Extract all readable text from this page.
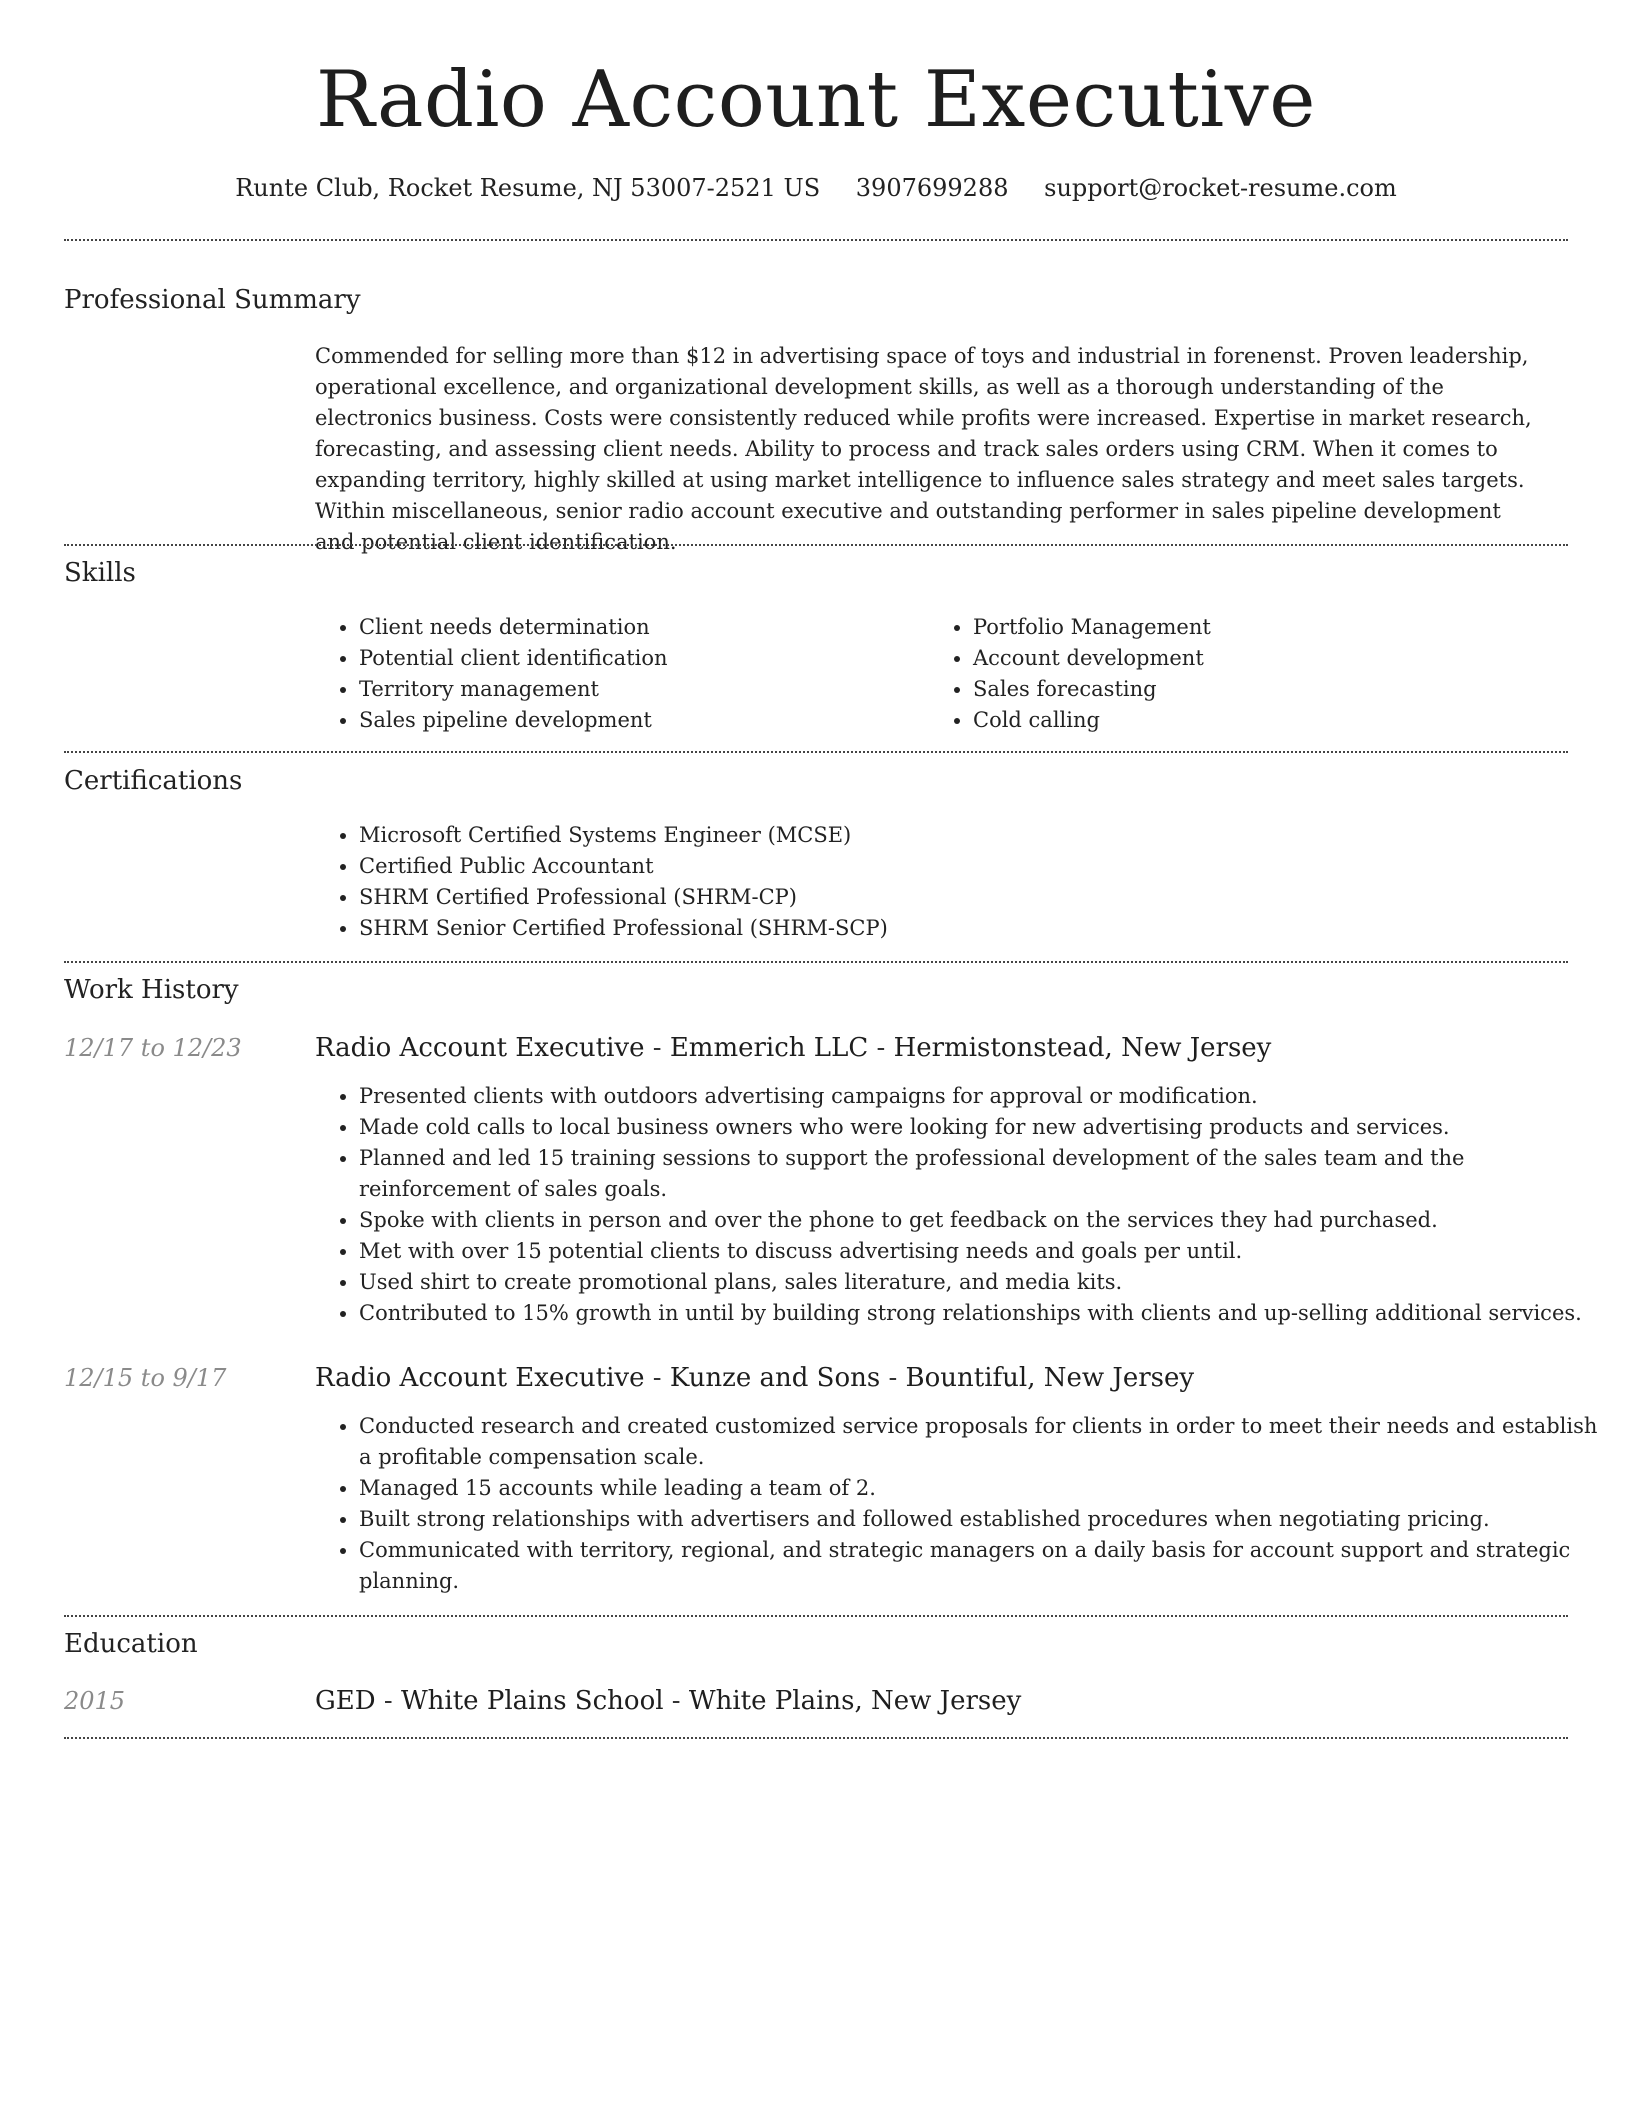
Radio Account Executive
Runte Club, Rocket Resume, NJ 53007-2521 US 3907699288 support@rocket-resume.com
Professional Summary
Commended for selling more than $12 in advertising space of toys and industrial in forenenst. Proven leadership, operational excellence, and organizational development skills, as well as a thorough understanding of the electronics business. Costs were consistently reduced while profits were increased. Expertise in market research, forecasting, and assessing client needs. Ability to process and track sales orders using CRM. When it comes to expanding territory, highly skilled at using market intelligence to influence sales strategy and meet sales targets. Within miscellaneous, senior radio account executive and outstanding performer in sales pipeline development and potential client identification.
Skills
• Client needs determination
• Potential client identification
• Territory management
• Sales pipeline development
• Portfolio Management
• Account development
• Sales forecasting
• Cold calling
Certifications
• Microsoft Certified Systems Engineer (MCSE)
• Certified Public Accountant
• SHRM Certified Professional (SHRM-CP)
• SHRM Senior Certified Professional (SHRM-SCP)
Work History
12/17 to 12/23	Radio Account Executive - Emmerich LLC - Hermistonstead, New Jersey
• Presented clients with outdoors advertising campaigns for approval or modification.
• Made cold calls to local business owners who were looking for new advertising products and services.
• Planned and led 15 training sessions to support the professional development of the sales team and the reinforcement of sales goals.
• Spoke with clients in person and over the phone to get feedback on the services they had purchased.
• Met with over 15 potential clients to discuss advertising needs and goals per until.
• Used shirt to create promotional plans, sales literature, and media kits.
• Contributed to 15% growth in until by building strong relationships with clients and up-selling additional services.
12/15 to 9/17	Radio Account Executive - Kunze and Sons - Bountiful, New Jersey
• Conducted research and created customized service proposals for clients in order to meet their needs and establish a profitable compensation scale.
• Managed 15 accounts while leading a team of 2.
• Built strong relationships with advertisers and followed established procedures when negotiating pricing.
• Communicated with territory, regional, and strategic managers on a daily basis for account support and strategic planning.
Education
2015	GED - White Plains School - White Plains, New Jersey
